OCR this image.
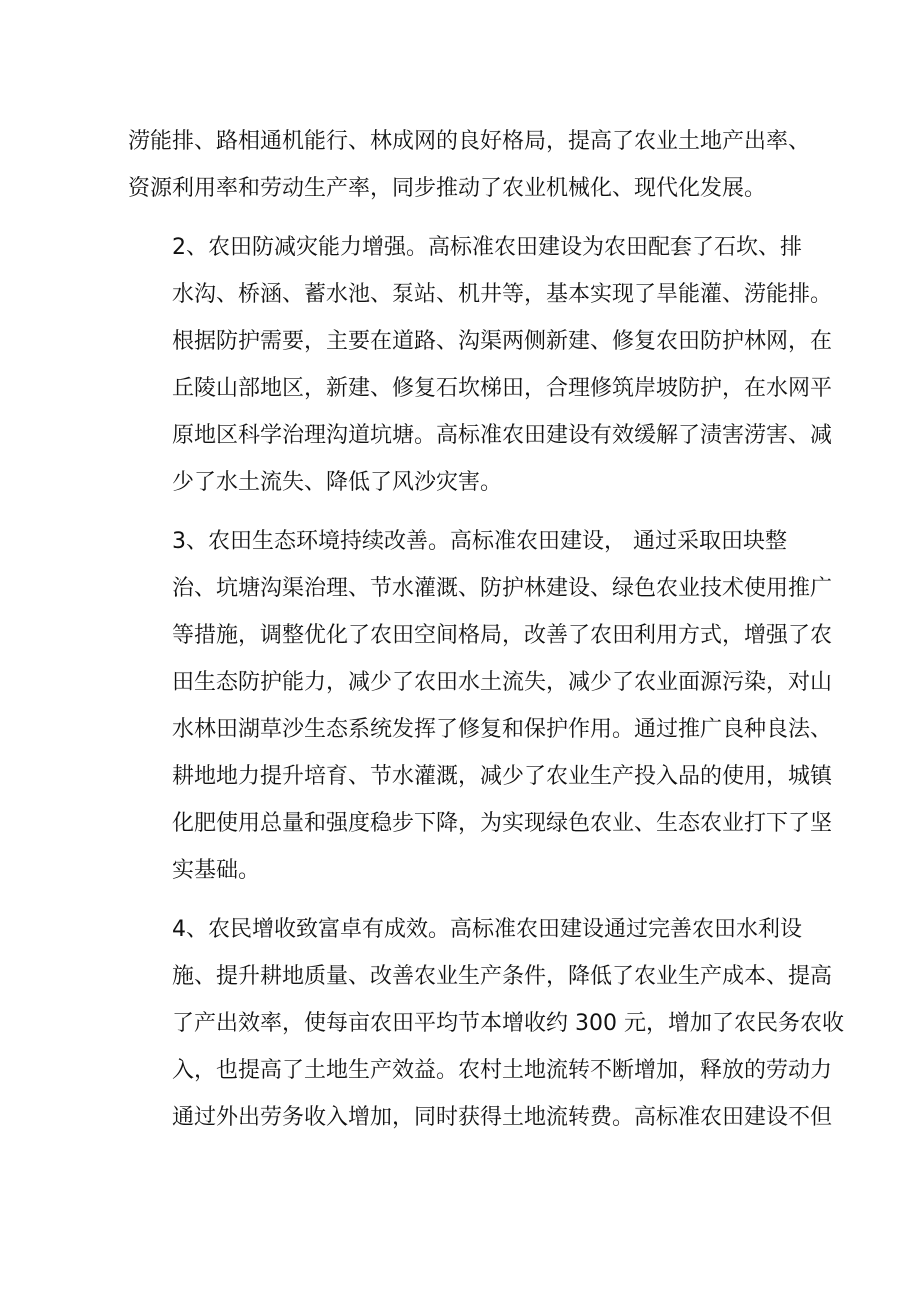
涝能排、路相通机能行、林成网的良好格局，提高了农业土地产出率、
资源利用率和劳动生产率，同步推动了农业机械化、现代化发展。
2、农田防减灾能力增强。高标准农田建设为农田配套了石坎、排
水沟、桥涵、蓄水池、泵站、机井等，基本实现了旱能灌、涝能排。
根据防护需要，主要在道路、沟渠两侧新建、修复农田防护林网，在
丘陵山部地区，新建、修复石坎梯田，合理修筑岸坡防护，在水网平
原地区科学治理沟道坑塘。高标准农田建设有效缓解了渍害涝害、减
少了水土流失、降低了风沙灾害。
3、农田生态环境持续改善。高标准农田建设， 通过采取田块整
治、坑塘沟渠治理、节水灌溉、防护林建设、绿色农业技术使用推广
等措施，调整优化了农田空间格局，改善了农田利用方式，增强了农
田生态防护能力，减少了农田水土流失，减少了农业面源污染，对山
水林田湖草沙生态系统发挥了修复和保护作用。通过推广良种良法、
耕地地力提升培育、节水灌溉，减少了农业生产投入品的使用，城镇
化肥使用总量和强度稳步下降，为实现绿色农业、生态农业打下了坚
实基础。
4、农民增收致富卓有成效。高标准农田建设通过完善农田水利设
施、提升耕地质量、改善农业生产条件，降低了农业生产成本、提高
了产出效率，使每亩农田平均节本增收约 300 元，增加了农民务农收
入，也提高了土地生产效益。农村土地流转不断增加，释放的劳动力
通过外出劳务收入增加，同时获得土地流转费。高标准农田建设不但
